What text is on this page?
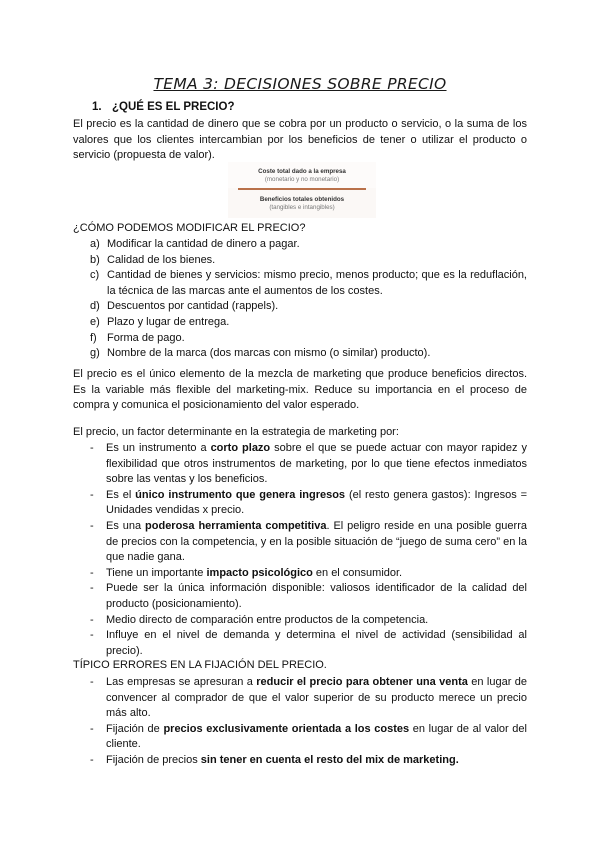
TEMA 3: DECISIONES SOBRE PRECIO
1. ¿QUÉ ES EL PRECIO?
El precio es la cantidad de dinero que se cobra por un producto o servicio, o la suma de los valores que los clientes intercambian por los beneficios de tener o utilizar el producto o servicio (propuesta de valor).
Coste total dado a la empresa
(monetario y no monetario)
Beneficios totales obtenidos
(tangibles e intangibles)
¿CÓMO PODEMOS MODIFICAR EL PRECIO?
a) Modificar la cantidad de dinero a pagar.
b) Calidad de los bienes.
c) Cantidad de bienes y servicios: mismo precio, menos producto; que es la reduflación, la técnica de las marcas ante el aumentos de los costes.
d) Descuentos por cantidad (rappels).
e) Plazo y lugar de entrega.
f) Forma de pago.
g) Nombre de la marca (dos marcas con mismo (o similar) producto).
El precio es el único elemento de la mezcla de marketing que produce beneficios directos. Es la variable más flexible del marketing-mix. Reduce su importancia en el proceso de compra y comunica el posicionamiento del valor esperado.
El precio, un factor determinante en la estrategia de marketing por:
- Es un instrumento a corto plazo sobre el que se puede actuar con mayor rapidez y flexibilidad que otros instrumentos de marketing, por lo que tiene efectos inmediatos sobre las ventas y los beneficios.
- Es el único instrumento que genera ingresos (el resto genera gastos): Ingresos = Unidades vendidas x precio.
- Es una poderosa herramienta competitiva. El peligro reside en una posible guerra de precios con la competencia, y en la posible situación de “juego de suma cero” en la que nadie gana.
- Tiene un importante impacto psicológico en el consumidor.
- Puede ser la única información disponible: valiosos identificador de la calidad del producto (posicionamiento).
- Medio directo de comparación entre productos de la competencia.
- Influye en el nivel de demanda y determina el nivel de actividad (sensibilidad al precio).
TÍPICO ERRORES EN LA FIJACIÓN DEL PRECIO.
- Las empresas se apresuran a reducir el precio para obtener una venta en lugar de convencer al comprador de que el valor superior de su producto merece un precio más alto.
- Fijación de precios exclusivamente orientada a los costes en lugar de al valor del cliente.
- Fijación de precios sin tener en cuenta el resto del mix de marketing.
